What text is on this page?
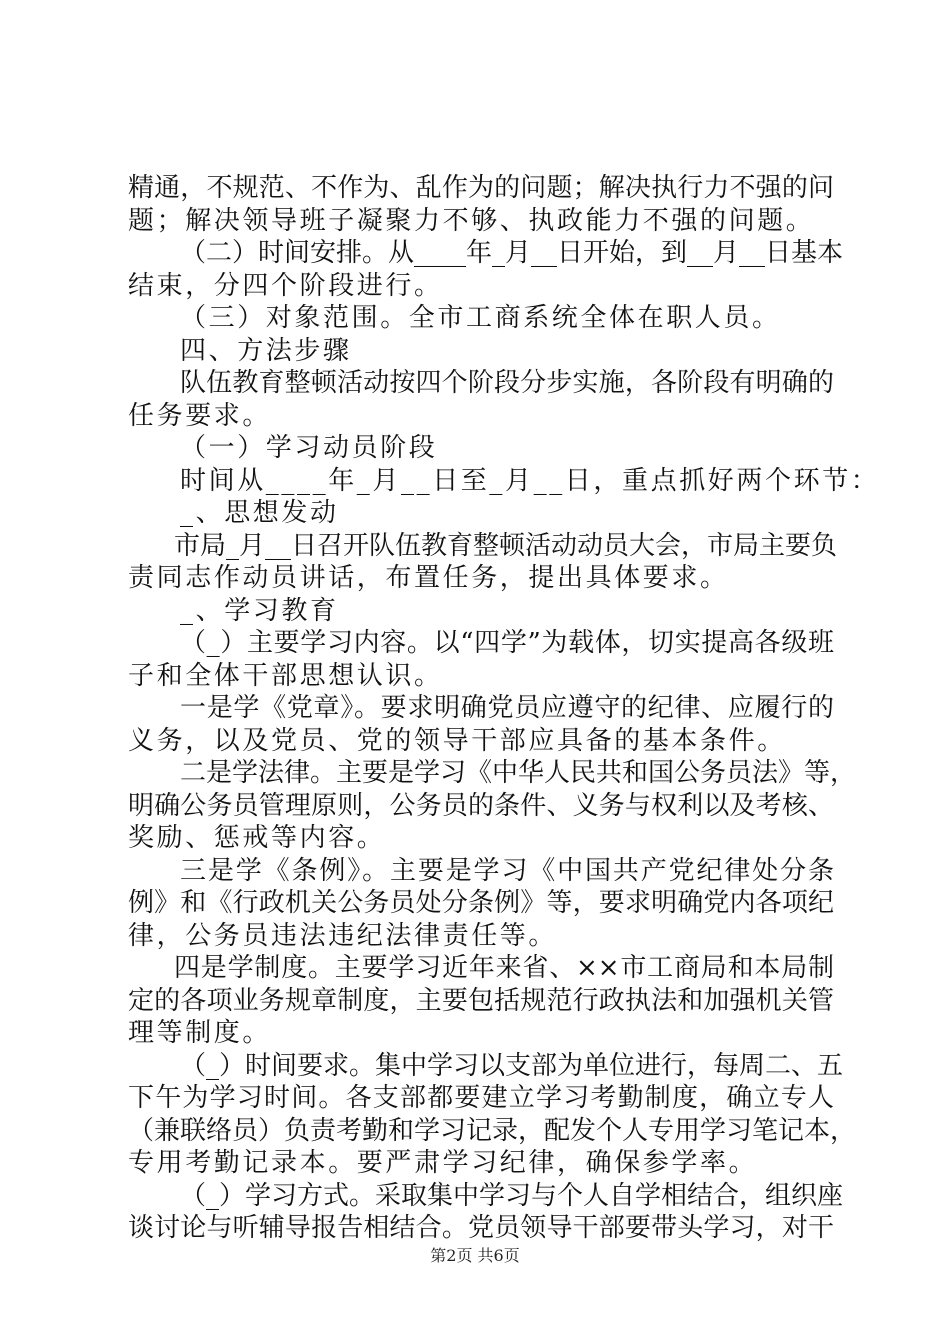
精通，不规范、不作为、乱作为的问题；解决执行力不强的问
题；解决领导班子凝聚力不够、执政能力不强的问题。
（二）时间安排。从____年_月__日开始，到__月__日基本
结束，分四个阶段进行。
（三）对象范围。全市工商系统全体在职人员。
四、方法步骤
队伍教育整顿活动按四个阶段分步实施，各阶段有明确的
任务要求。
（一）学习动员阶段
时间从____年_月__日至_月__日，重点抓好两个环节：
_、思想发动
市局_月__日召开队伍教育整顿活动动员大会，市局主要负
责同志作动员讲话，布置任务，提出具体要求。
_、学习教育
（_）主要学习内容。以“四学”为载体，切实提高各级班
子和全体干部思想认识。
一是学《党章》。要求明确党员应遵守的纪律、应履行的
义务，以及党员、党的领导干部应具备的基本条件。
二是学法律。主要是学习《中华人民共和国公务员法》等，
明确公务员管理原则，公务员的条件、义务与权利以及考核、
奖励、惩戒等内容。
三是学《条例》。主要是学习《中国共产党纪律处分条
例》和《行政机关公务员处分条例》等，要求明确党内各项纪
律，公务员违法违纪法律责任等。
四是学制度。主要学习近年来省、××市工商局和本局制
定的各项业务规章制度，主要包括规范行政执法和加强机关管
理等制度。
（_）时间要求。集中学习以支部为单位进行，每周二、五
下午为学习时间。各支部都要建立学习考勤制度，确立专人
（兼联络员）负责考勤和学习记录，配发个人专用学习笔记本，
专用考勤记录本。要严肃学习纪律，确保参学率。
（_）学习方式。采取集中学习与个人自学相结合，组织座
谈讨论与听辅导报告相结合。党员领导干部要带头学习，对干
第2页 共6页
